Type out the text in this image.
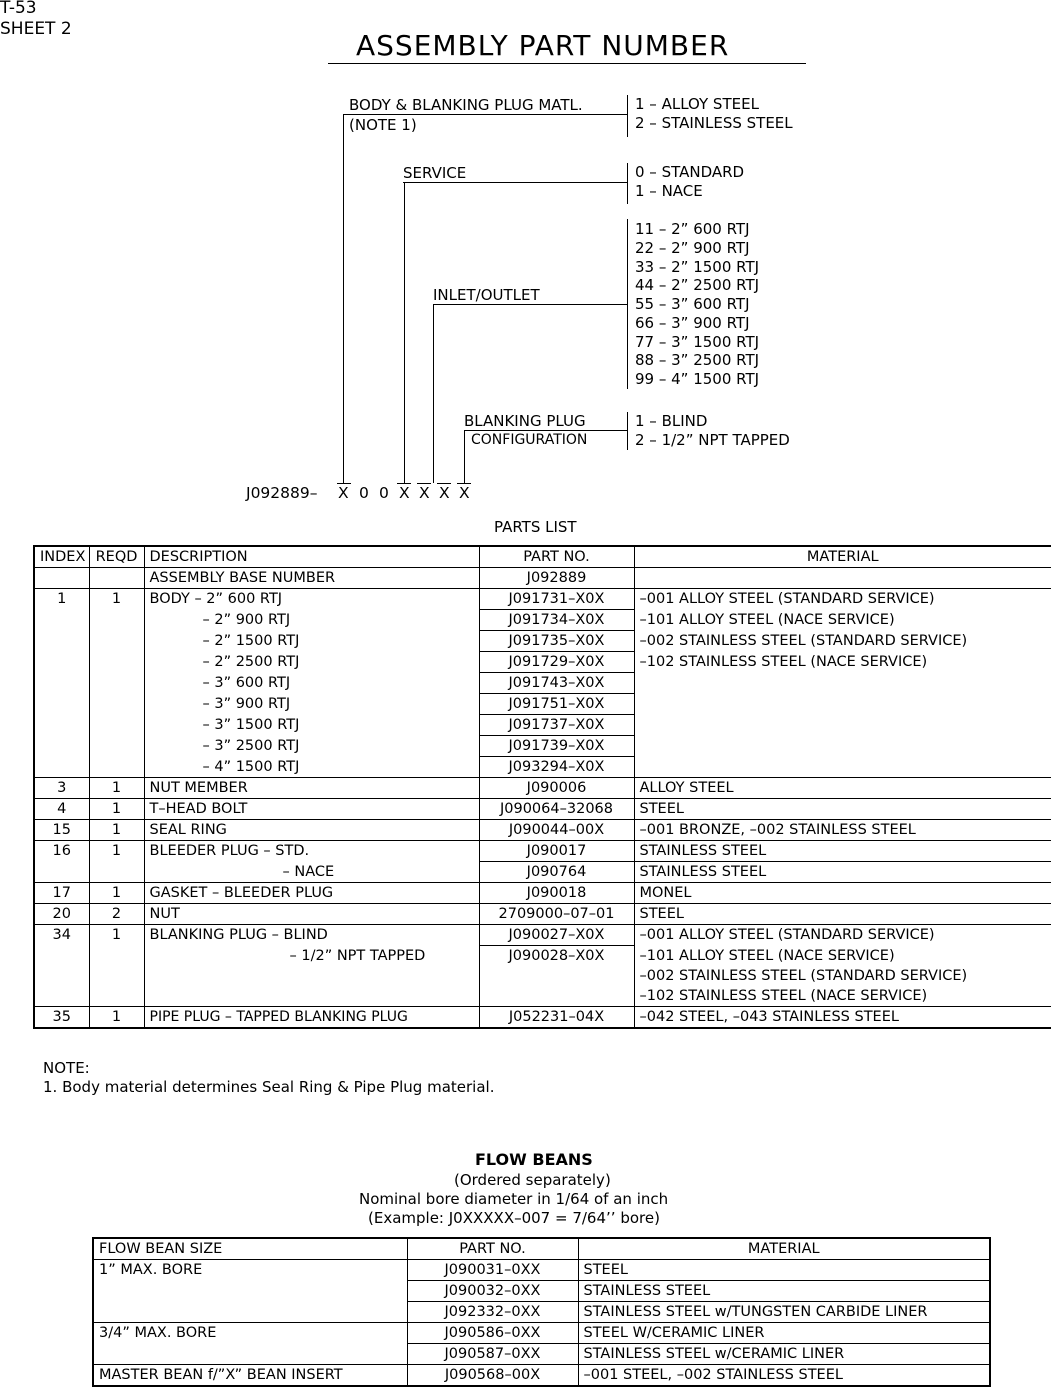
T-53
SHEET 2	ASSEMBLY PART NUMBER
BODY & BLANKING PLUG MATL.
(NOTE 1)
1 – ALLOY STEEL
2 – STAINLESS STEEL
SERVICE	0 – STANDARD
1 – NACE
INLET/OUTLET
11 – 2” 600 RTJ
22 – 2” 900 RTJ
33 – 2” 1500 RTJ
44 – 2” 2500 RTJ
55 – 3” 600 RTJ
66 – 3” 900 RTJ
77 – 3” 1500 RTJ
88 – 3” 2500 RTJ
99 – 4” 1500 RTJ
BLANKING PLUG
CONFIGURATION
1 – BLIND
2 – 1/2” NPT TAPPED
J092889– X 0 0 X X X X
PARTS LIST
INDEX	REQD	DESCRIPTION	PART NO.	MATERIAL
		ASSEMBLY BASE NUMBER	J092889	
1	1	BODY – 2” 600 RTJ	J091731–X0X	–001 ALLOY STEEL (STANDARD SERVICE)
		– 2” 900 RTJ	J091734–X0X	–101 ALLOY STEEL (NACE SERVICE)
		– 2” 1500 RTJ	J091735–X0X	–002 STAINLESS STEEL (STANDARD SERVICE)
		– 2” 2500 RTJ	J091729–X0X	–102 STAINLESS STEEL (NACE SERVICE)
		– 3” 600 RTJ	J091743–X0X	
		– 3” 900 RTJ	J091751–X0X	
		– 3” 1500 RTJ	J091737–X0X	
		– 3” 2500 RTJ	J091739–X0X	
		– 4” 1500 RTJ	J093294–X0X	
3	1	NUT MEMBER	J090006	ALLOY STEEL
4	1	T–HEAD BOLT	J090064–32068	STEEL
15	1	SEAL RING	J090044–00X	–001 BRONZE, –002 STAINLESS STEEL
16	1	BLEEDER PLUG – STD.	J090017	STAINLESS STEEL
		– NACE	J090764	STAINLESS STEEL
17	1	GASKET – BLEEDER PLUG	J090018	MONEL
20	2	NUT	2709000–07–01	STEEL
34	1	BLANKING PLUG – BLIND	J090027–X0X	–001 ALLOY STEEL (STANDARD SERVICE)
		– 1/2” NPT TAPPED	J090028–X0X	–101 ALLOY STEEL (NACE SERVICE)
				–002 STAINLESS STEEL (STANDARD SERVICE)
				–102 STAINLESS STEEL (NACE SERVICE)
35	1	PIPE PLUG – TAPPED BLANKING PLUG	J052231–04X	–042 STEEL, –043 STAINLESS STEEL
NOTE:
1. Body material determines Seal Ring & Pipe Plug material.
FLOW BEANS
(Ordered separately)
Nominal bore diameter in 1/64 of an inch
(Example: J0XXXXX–007 = 7/64’’ bore)
FLOW BEAN SIZE	PART NO.	MATERIAL
1” MAX. BORE	J090031–0XX	STEEL
	J090032–0XX	STAINLESS STEEL
	J092332–0XX	STAINLESS STEEL w/TUNGSTEN CARBIDE LINER
3/4” MAX. BORE	J090586–0XX	STEEL W/CERAMIC LINER
	J090587–0XX	STAINLESS STEEL w/CERAMIC LINER
MASTER BEAN f/”X” BEAN INSERT	J090568–00X	–001 STEEL, –002 STAINLESS STEEL
